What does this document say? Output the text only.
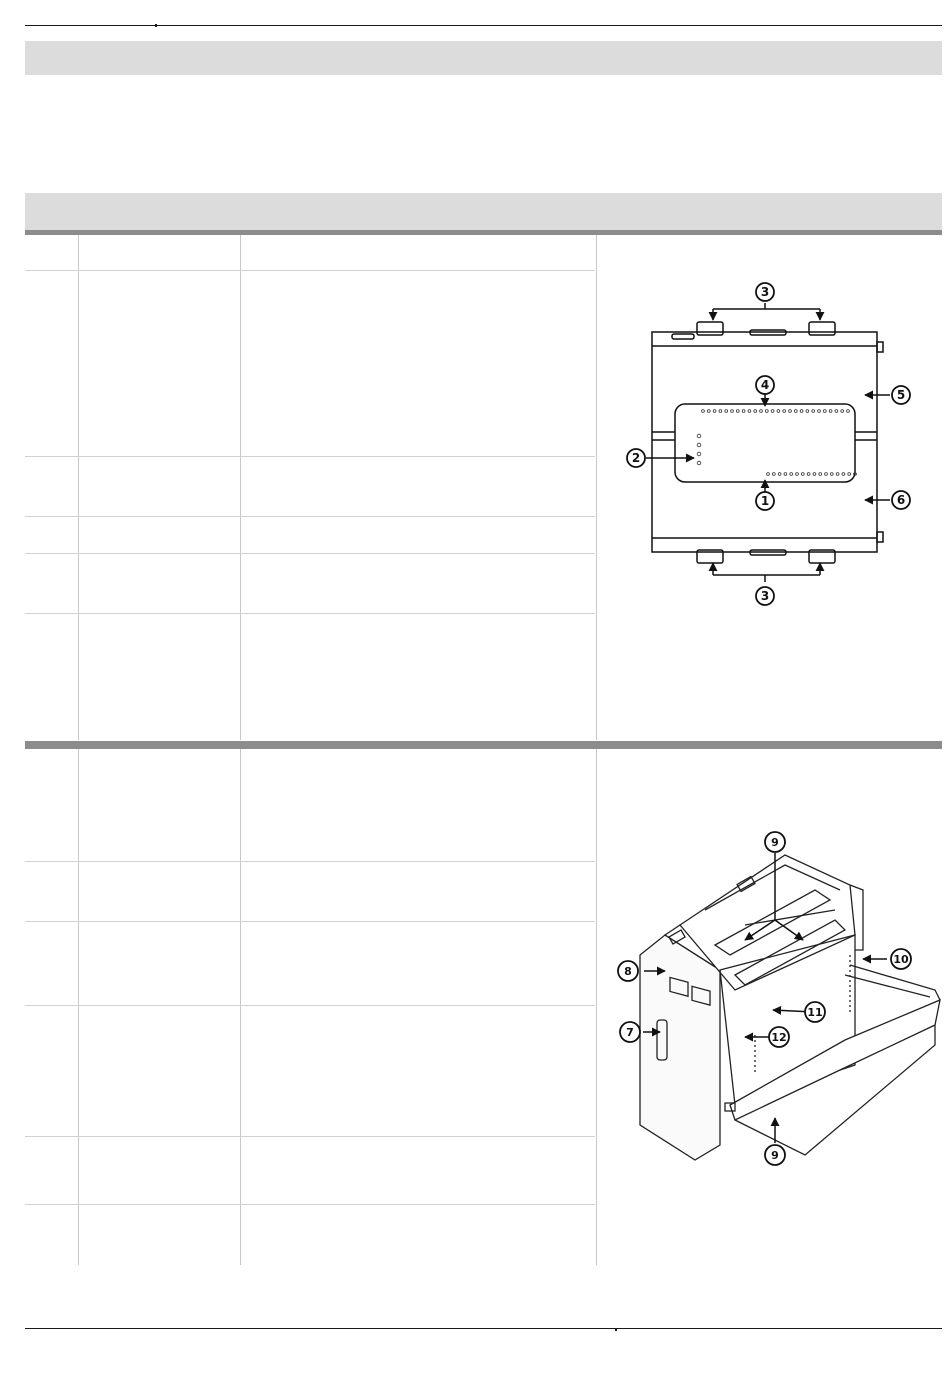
3
3
4
1
2
5
6
9
10
11
12
8
7
9
